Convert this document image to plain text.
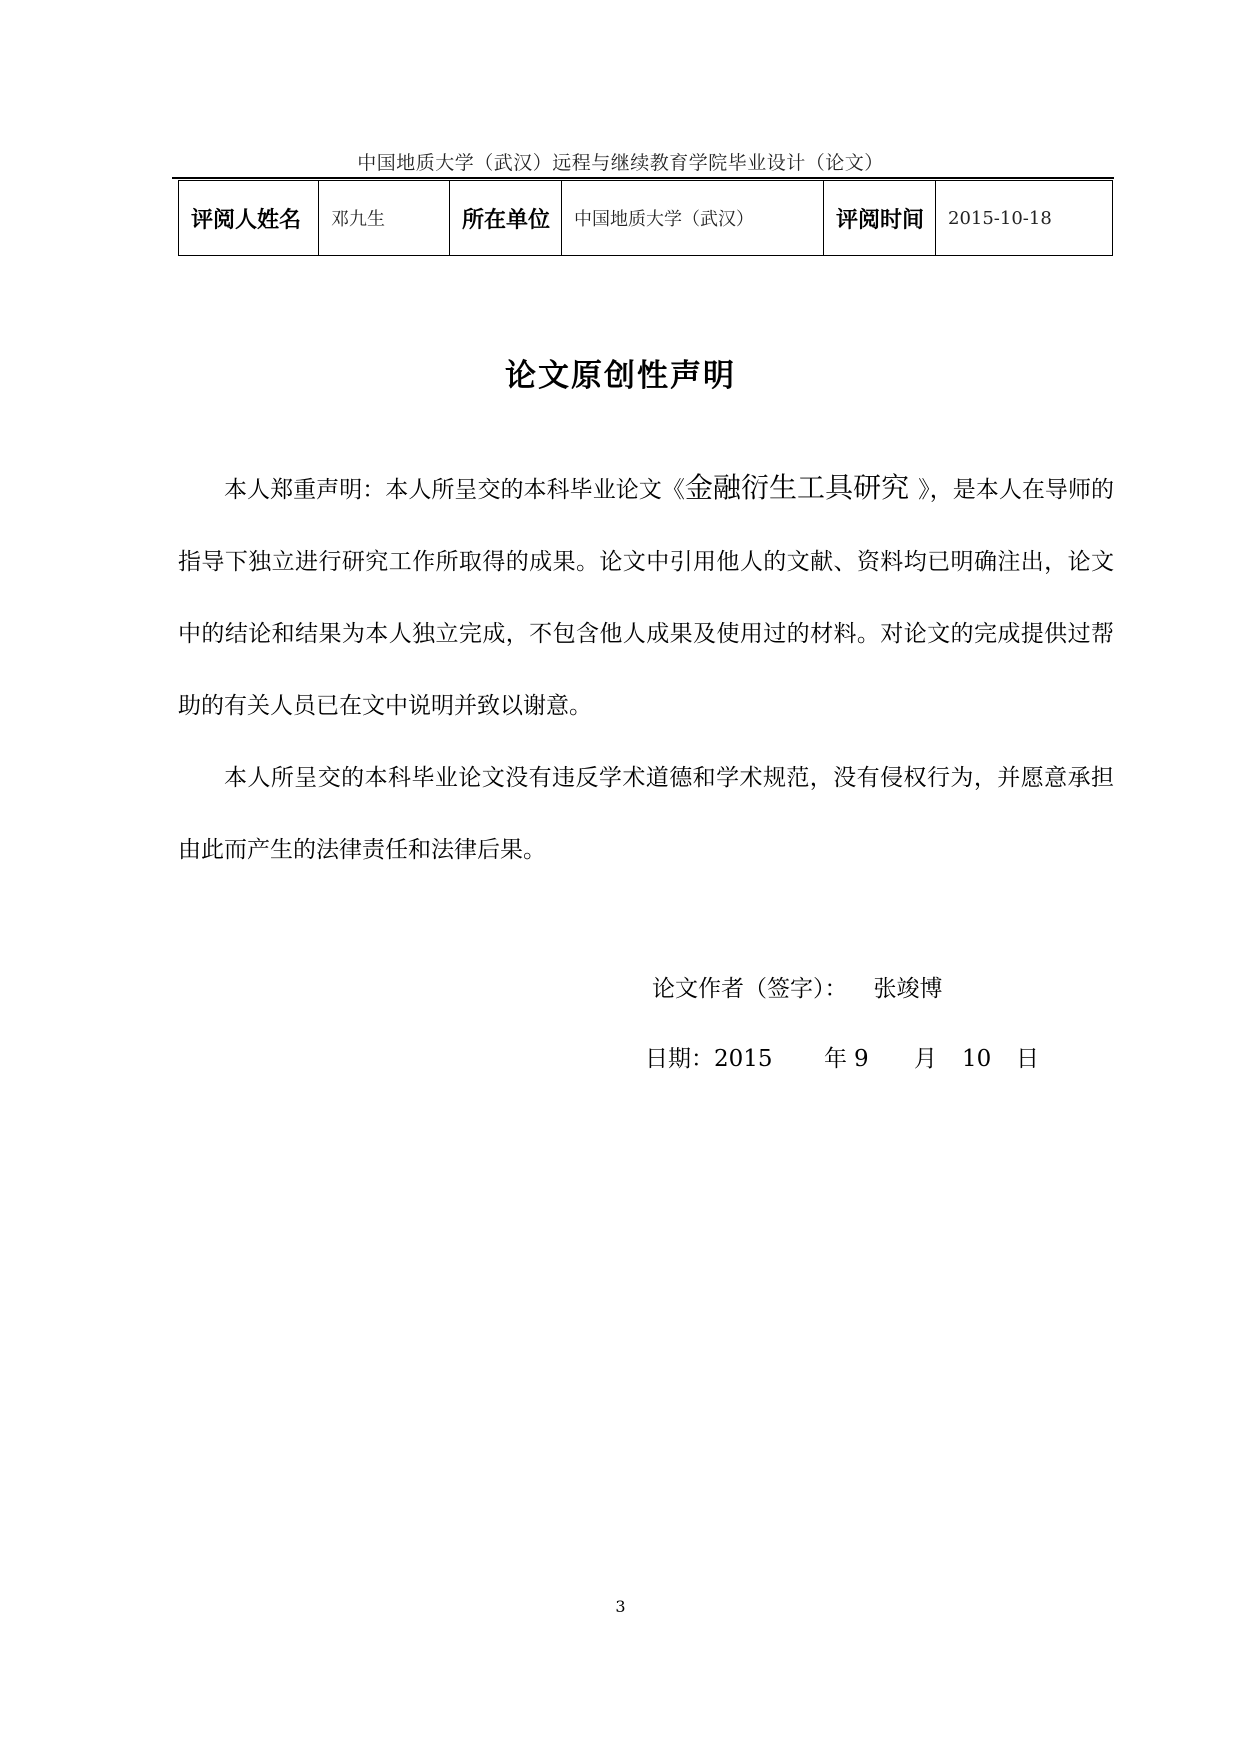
中国地质大学（武汉）远程与继续教育学院毕业设计（论文）
评阅人姓名	邓九生	所在单位	中国地质大学（武汉）	评阅时间	2015-10-18
论文原创性声明

本人郑重声明：本人所呈交的本科毕业论文《金融衍生工具研究 》，是本人在导师的指导下独立进行研究工作所取得的成果。论文中引用他人的文献、资料均已明确注出，论文中的结论和结果为本人独立完成，不包含他人成果及使用过的材料。对论文的完成提供过帮助的有关人员已在文中说明并致以谢意。

本人所呈交的本科毕业论文没有违反学术道德和学术规范，没有侵权行为，并愿意承担由此而产生的法律责任和法律后果。

论文作者（签字）： 张竣博
日期：2015 年 9 月 10 日
3
